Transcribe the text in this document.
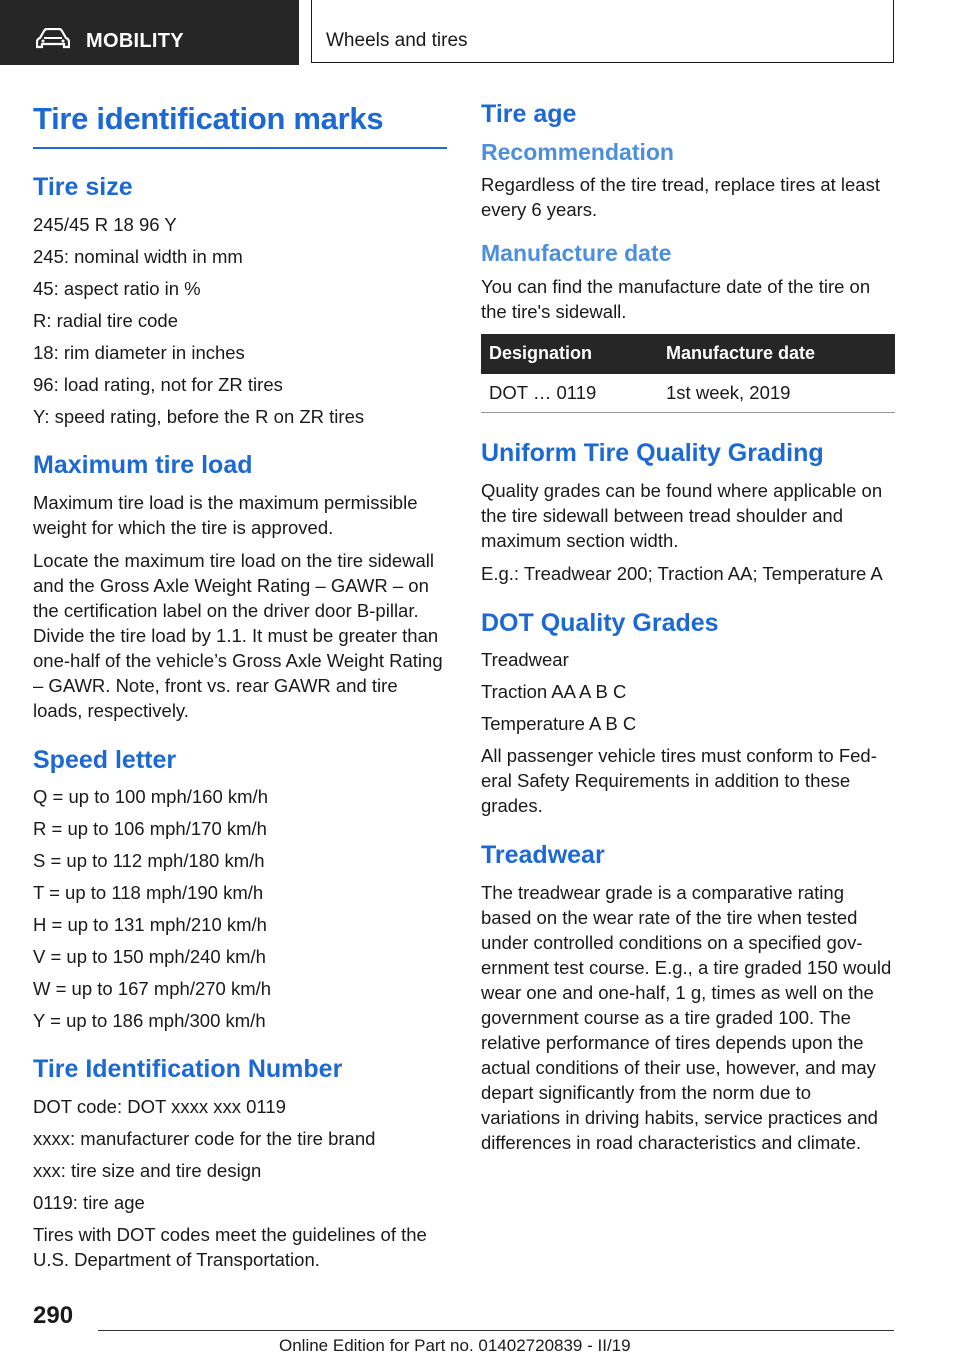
MOBILITY	Wheels and tires
Tire identification marks
Tire size

245/45 R 18 96 Y

245: nominal width in mm

45: aspect ratio in %

R: radial tire code

18: rim diameter in inches

96: load rating, not for ZR tires

Y: speed rating, before the R on ZR tires

Maximum tire load

Maximum tire load is the maximum permissible weight for which the tire is approved.

Locate the maximum tire load on the tire sidewall and the Gross Axle Weight Rating – GAWR – on the certification label on the driver door B-pillar. Divide the tire load by 1.1. It must be greater than one-half of the vehicle’s Gross Axle Weight Rating – GAWR. Note, front vs. rear GAWR and tire loads, respectively.

Speed letter

Q = up to 100 mph/160 km/h

R = up to 106 mph/170 km/h

S = up to 112 mph/180 km/h

T = up to 118 mph/190 km/h

H = up to 131 mph/210 km/h

V = up to 150 mph/240 km/h

W = up to 167 mph/270 km/h

Y = up to 186 mph/300 km/h

Tire Identification Number

DOT code: DOT xxxx xxx 0119

xxxx: manufacturer code for the tire brand

xxx: tire size and tire design

0119: tire age

Tires with DOT codes meet the guidelines of the U.S. Department of Transportation.

Tire age
Recommendation

Regardless of the tire tread, replace tires at least every 6 years.

Manufacture date

You can find the manufacture date of the tire on the tire's sidewall.

Designation	Manufacture date
DOT … 0119	1st week, 2019
Uniform Tire Quality Grading

Quality grades can be found where applicable on the tire sidewall between tread shoulder and maximum section width.

E.g.: Treadwear 200; Traction AA; Temperature A

DOT Quality Grades

Treadwear

Traction AA A B C

Temperature A B C

All passenger vehicle tires must conform to Fed‐eral Safety Requirements in addition to these grades.

Treadwear

The treadwear grade is a comparative rating based on the wear rate of the tire when tested under controlled conditions on a specified gov‐ernment test course. E.g., a tire graded 150 would wear one and one-half, 1 g, times as well on the government course as a tire graded 100. The relative performance of tires depends upon the actual conditions of their use, however, and may depart significantly from the norm due to variations in driving habits, service practices and differences in road characteristics and climate.

290
Online Edition for Part no. 01402720839 - II/19
